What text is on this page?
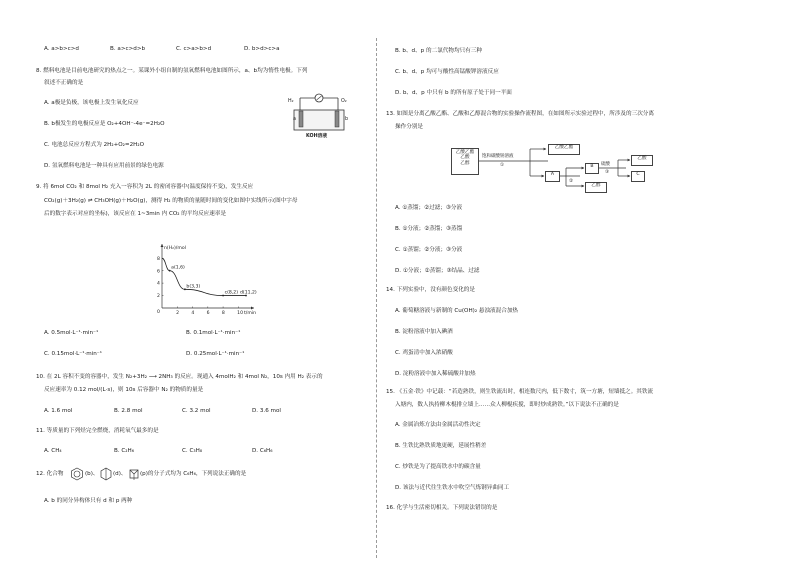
A. a>b>c>d	B. a>c>d>b	C. c>a>b>d	D. b>d>c>a
8. 燃料电池是目前电池研究的热点之一。某课外小组自制的氢氧燃料电池如图所示，a、b均为惰性电极。下列
叙述不正确的是
H₂	O₂
a	b
KOH溶液
A. a极是负极，该电极上发生氧化反应
B. b极发生的电极反应是 O₂+4OH⁻-4e⁻=2H₂O
C. 电池总反应方程式为 2H₂+O₂=2H₂O
D. 氢氧燃料电池是一种具有应用前景的绿色电源
9. 将 6mol CO₂ 和 8mol H₂ 充入一容积为 2L 的密闭容器中(温度保持不变)，发生反应
CO₂(g)＋3H₂(g) ⇌ CH₃OH(g)＋H₂O(g)，测得 H₂ 的物质的量随时间的变化如图中实线所示(图中字母
后的数字表示对应的坐标)，该反应在 1~3min 内 CO₂ 的平均反应速率是
n(H₂)/mol
t/min
0	2	4	6	8	10
2
4
6
8
a(1,6)
b(3,3)
c(8,2) d(11,2)
A. 0.5mol·L⁻¹·min⁻¹	B. 0.1mol·L⁻¹·min⁻¹
C. 0.15mol·L⁻¹·min⁻¹	D. 0.25mol·L⁻¹·min⁻¹
10. 在 2L 容积不变的容器中，发生 N₂+3H₂ ⟶ 2NH₃ 的反应。现通入 4molH₂ 和 4mol N₂，10s 内用 H₂ 表示的
反应速率为 0.12 mol/(L·s)，则 10s 后容器中 N₂ 的物质的量是
A. 1.6 mol	B. 2.8 mol	C. 3.2 mol	D. 3.6 mol
11. 等质量的下列烃完全燃烧，消耗氧气最多的是
A. CH₄	B. C₂H₆	C. C₃H₈	D. C₆H₆
12. 化合物	(b)、	(d)、 (p)的分子式均为 C₆H₆，下列说法正确的是
A. b 的同分异构体只有 d 和 p 两种
B. b、d、p 的二氯代物均只有三种
C. b、d、p 均可与酸性高锰酸钾溶液反应
D. b、d、p 中只有 b 的所有原子处于同一平面
13. 如图是分离乙酸乙酯、乙酸和乙醇混合物的实验操作流程图，在如图所示实验过程中，所涉及的三次分离
操作分别是
乙酸乙酯
乙酸
乙醇
饱和碳酸钠溶液
①
乙酸乙酯
A
②
B	硫酸
③
乙醇
乙酸
C
A. ①蒸馏；②过滤；③分液
B. ①分液；②蒸馏；③蒸馏
C. ①蒸馏；②分液；③分液
D. ①分液；②蒸馏；③结晶、过滤
14. 下列实验中，没有颜色变化的是
A. 葡萄糖溶液与新制的 Cu(OH)₂ 悬浊液混合加热
B. 淀粉溶液中加入碘酒
C. 鸡蛋清中加入浓硝酸
D. 淀粉溶液中加入稀硫酸并加热
15. 《五金·铁》中记载：“若造熟铁，则生铁流出时，相连数尺内，低下数寸，筑一方塘，短墙抵之。其铁流
入塘内，数人执持柳木棍排立墙上……众人柳棍疾搅，即时炒成熟铁。”以下说法不正确的是
A. 金属冶炼方法由金属活动性决定
B. 生铁比熟铁质地更硬，延展性稍差
C. 炒铁是为了提高铁水中的碳含量
D. 该法与近代往生铁水中吹空气炼钢异曲同工
16. 化学与生活密切相关。下列说法错误的是
